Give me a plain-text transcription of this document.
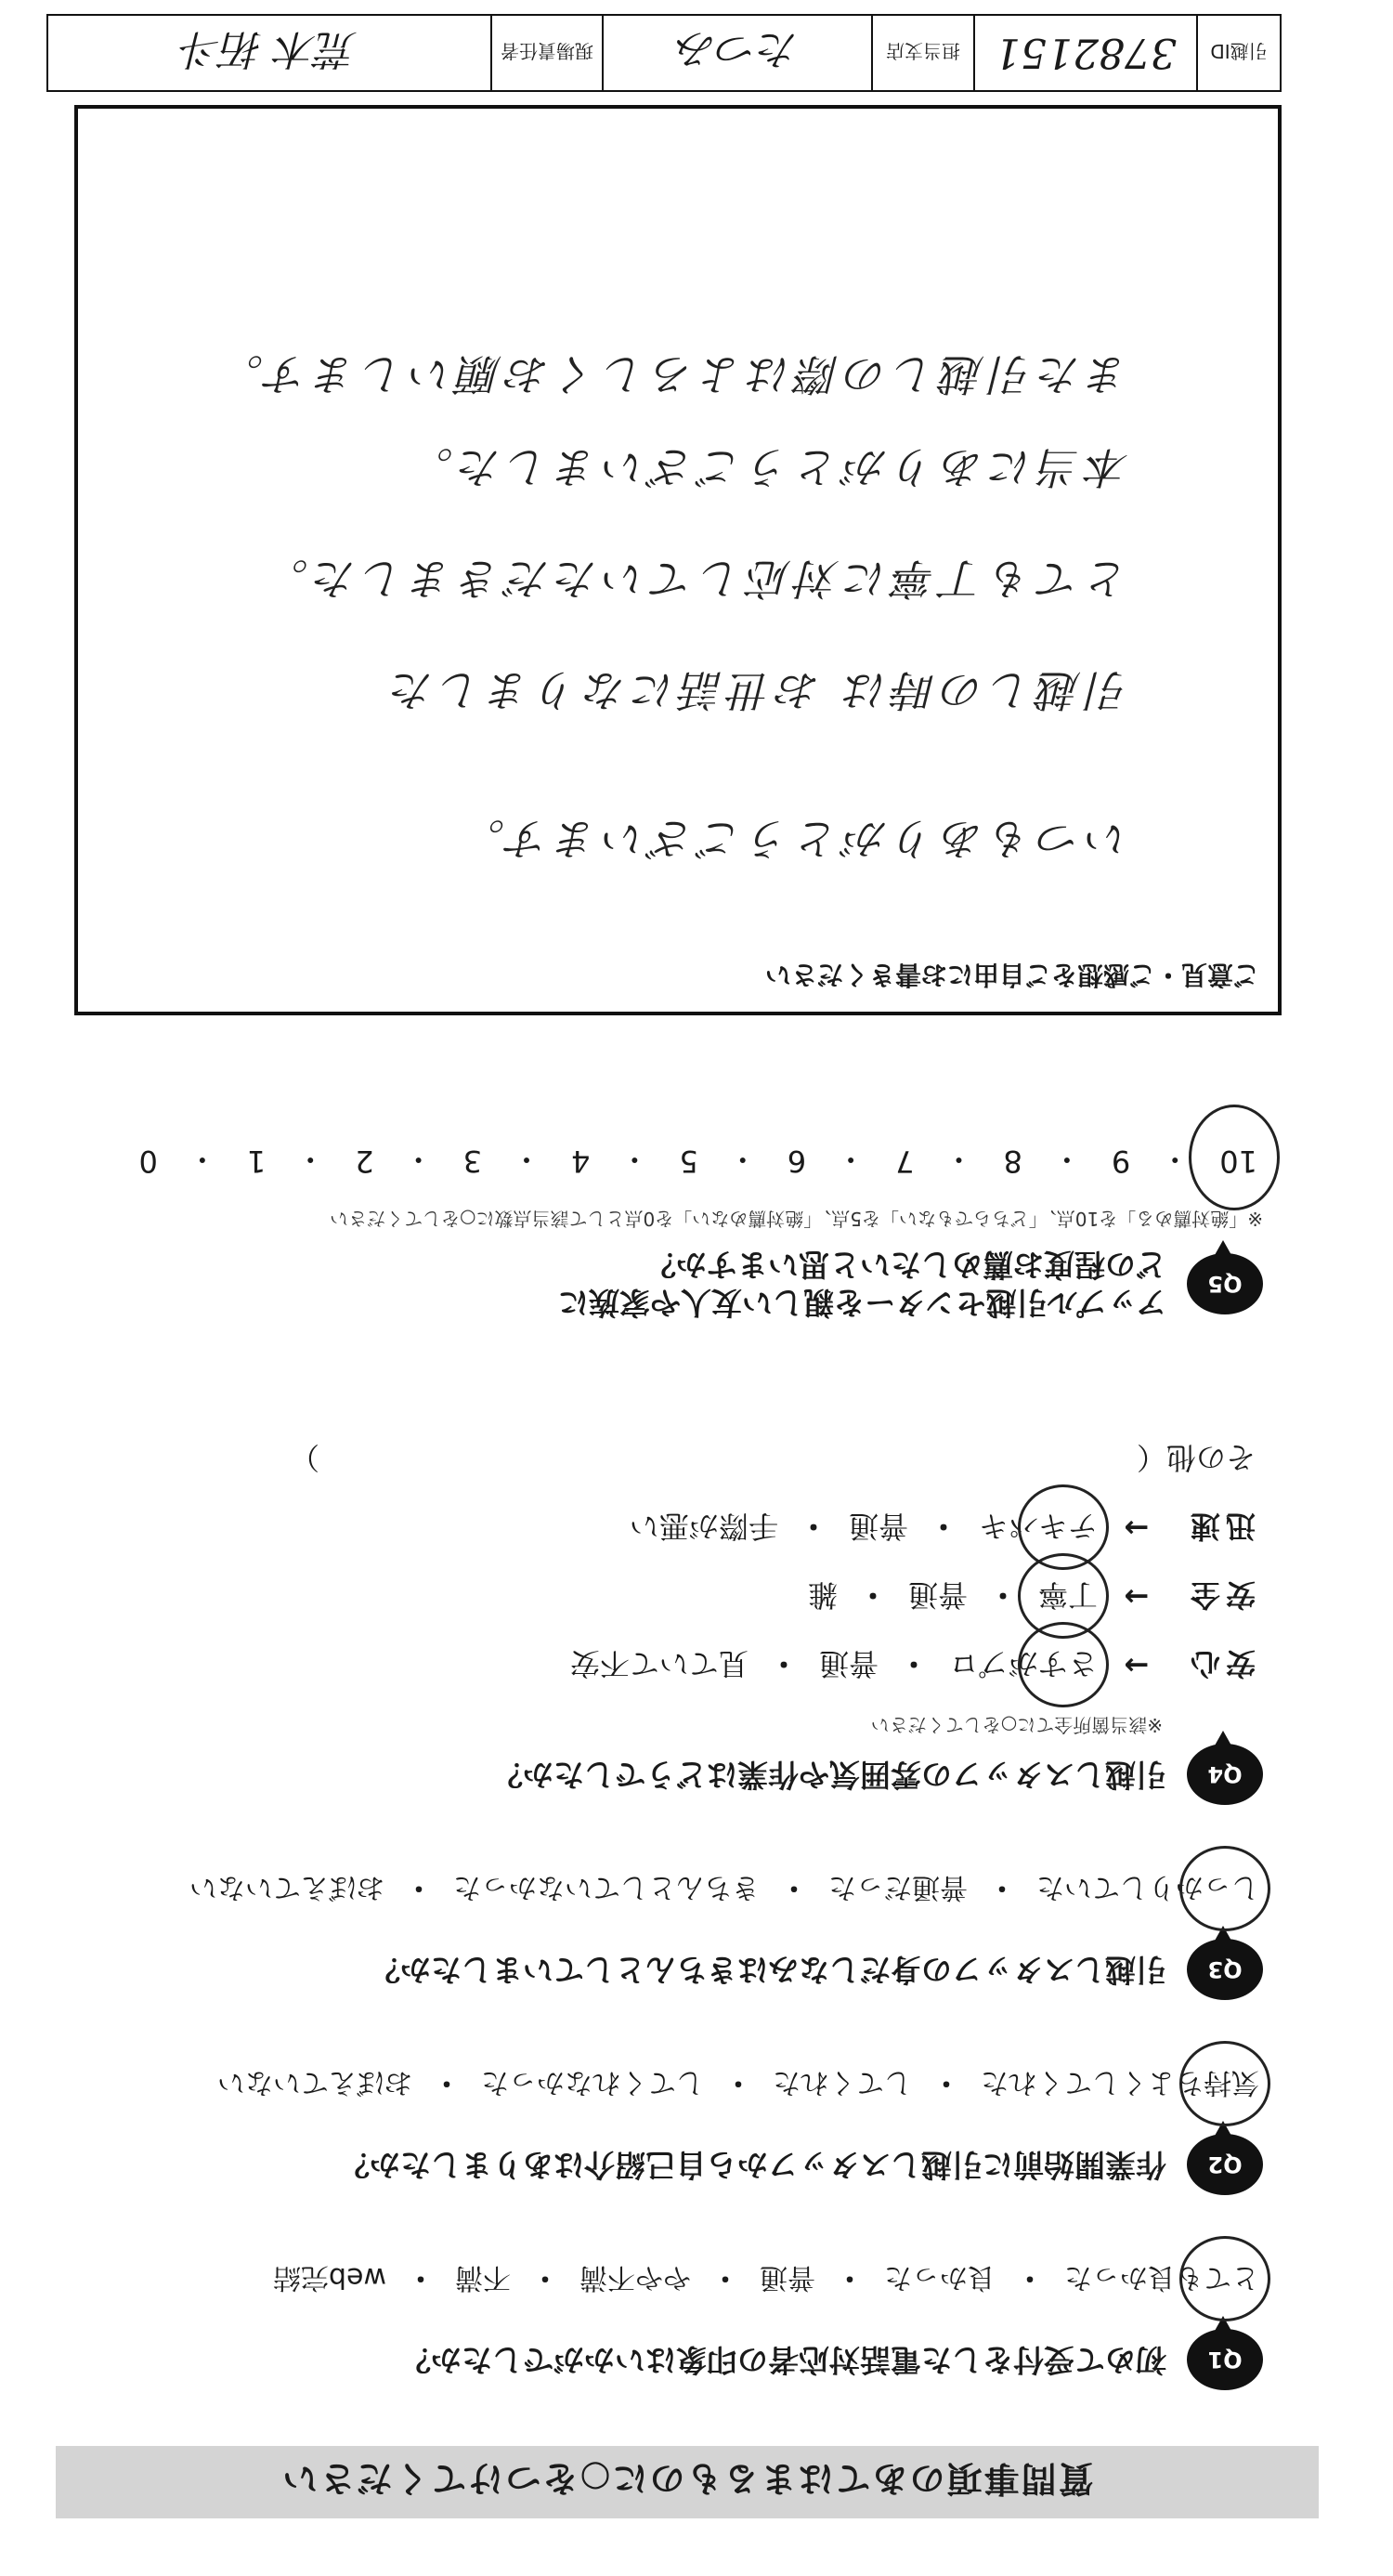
質問事項のあてはまるものに○をつけてください
Q1
初めて受付をした電話対応者の印象はいかがでしたか？
とても良かった
・
良かった
・
普通
・
やや不満
・
不満
・
web完結
Q2
作業開始前に引越しスタッフから自己紹介はありましたか？
気持ちよくしてくれた
・
してくれた
・
してくれなかった
・
おぼえていない
Q3
引越しスタッフの身だしなみはきちんとしていましたか？
しっかりしていた
・
普通だった
・
きちんとしていなかった
・
おぼえていない
Q4
引越しスタッフの雰囲気や作業はどうでしたか？
※該当箇所全てに○をしてください
安心
→
さすがプロ
・
普通
・
見ていて不安
安全
→
丁寧
・
普通
・
雑
迅速
→
テキパキ
・
普通
・
手際が悪い
その他（
）
Q5
アップル引越センターを親しい友人や家族に
どの程度お薦めしたいと思いますか？
※「絶対薦める」を10点、「どちらでもない」を5点、「絶対薦めない」を0点として該当点数に○をしてください
10
・
9
・
8
・
7
・
6
・
5
・
4
・
3
・
2
・
1
・
0
ご意見・ご感想をご自由にお書きください
いつもありがとうございます。
引越しの時は お世話になりました
とても丁寧に対応していただきました。
本当にありがとうございました。
また引越しの際はよろしくお願いします。
引越ID
3782151
担当支店
たつみ
現場責任者
荒木 拓斗
